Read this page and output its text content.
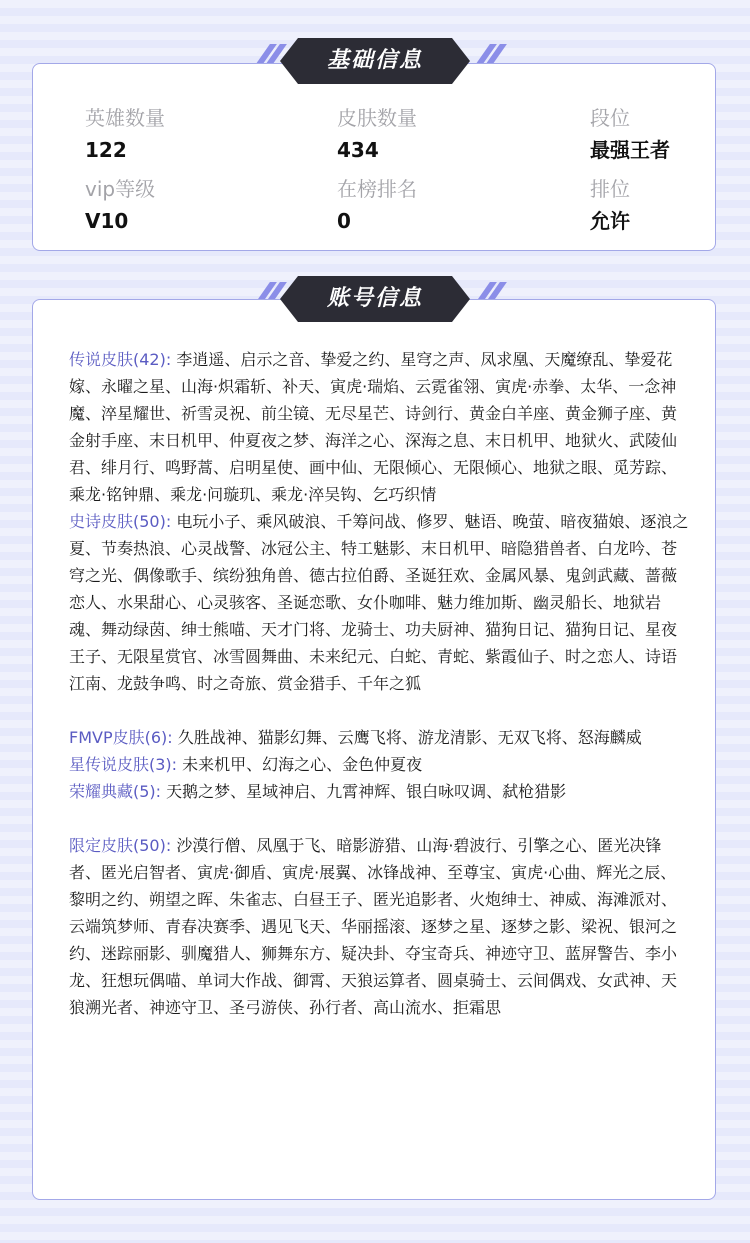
基础信息
英雄数量
122
皮肤数量
434
段位
最强王者
vip等级
V10
在榜排名
0
排位
允许
账号信息

传说皮肤(42): 李逍遥、启示之音、挚爱之约、星穹之声、凤求凰、天魔缭乱、挚爱花嫁、永曜之星、山海·炽霜斩、补天、寅虎·瑞焰、云霓雀翎、寅虎·赤拳、太华、一念神魔、淬星耀世、祈雪灵祝、前尘镜、无尽星芒、诗剑行、黄金白羊座、黄金狮子座、黄金射手座、末日机甲、仲夏夜之梦、海洋之心、深海之息、末日机甲、地狱火、武陵仙君、绯月行、鸣野蒿、启明星使、画中仙、无限倾心、无限倾心、地狱之眼、觅芳踪、乘龙·铭钟鼎、乘龙·问璇玑、乘龙·淬吴钩、乞巧织情

史诗皮肤(50): 电玩小子、乘风破浪、千筹问战、修罗、魅语、晚萤、暗夜猫娘、逐浪之夏、节奏热浪、心灵战警、冰冠公主、特工魅影、末日机甲、暗隐猎兽者、白龙吟、苍穹之光、偶像歌手、缤纷独角兽、德古拉伯爵、圣诞狂欢、金属风暴、鬼剑武藏、蔷薇恋人、水果甜心、心灵骇客、圣诞恋歌、女仆咖啡、魅力维加斯、幽灵船长、地狱岩魂、舞动绿茵、绅士熊喵、天才门将、龙骑士、功夫厨神、猫狗日记、猫狗日记、星夜王子、无限星赏官、冰雪圆舞曲、未来纪元、白蛇、青蛇、紫霞仙子、时之恋人、诗语江南、龙鼓争鸣、时之奇旅、赏金猎手、千年之狐

FMVP皮肤(6): 久胜战神、猫影幻舞、云鹰飞将、游龙清影、无双飞将、怒海麟威

星传说皮肤(3): 未来机甲、幻海之心、金色仲夏夜

荣耀典藏(5): 天鹅之梦、星域神启、九霄神辉、银白咏叹调、弑枪猎影

限定皮肤(50): 沙漠行僧、凤凰于飞、暗影游猎、山海·碧波行、引擎之心、匿光决锋者、匿光启智者、寅虎·御盾、寅虎·展翼、冰锋战神、至尊宝、寅虎·心曲、辉光之辰、黎明之约、朔望之晖、朱雀志、白昼王子、匿光追影者、火炮绅士、神威、海滩派对、云端筑梦师、青春决赛季、遇见飞天、华丽摇滚、逐梦之星、逐梦之影、梁祝、银河之约、迷踪丽影、驯魔猎人、狮舞东方、疑决卦、夺宝奇兵、神迹守卫、蓝屏警告、李小龙、狂想玩偶喵、单词大作战、御霄、天狼运算者、圆桌骑士、云间偶戏、女武神、天狼溯光者、神迹守卫、圣弓游侠、孙行者、高山流水、拒霜思
